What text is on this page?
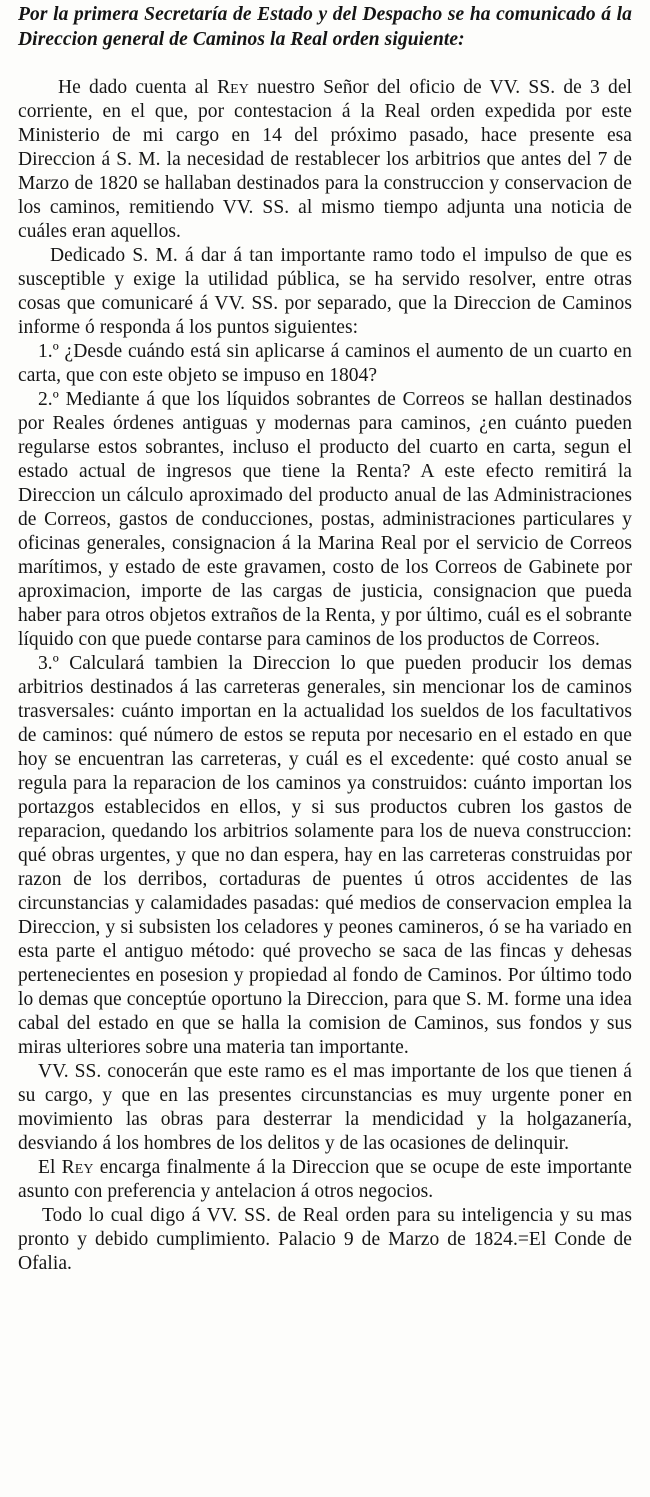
Por la primera Secretaría de Estado y del Despacho se ha comunicado á la Direccion general de Caminos la Real orden siguiente:

He dado cuenta al Rey nuestro Señor del oficio de VV. SS. de 3 del corriente, en el que, por contestacion á la Real orden expedida por este Ministerio de mi cargo en 14 del próximo pasado, hace presente esa Direccion á S. M. la necesidad de restablecer los arbitrios que antes del 7 de Marzo de 1820 se hallaban destinados para la construccion y conservacion de los caminos, remitiendo VV. SS. al mismo tiempo adjunta una noticia de cuáles eran aquellos.

Dedicado S. M. á dar á tan importante ramo todo el impulso de que es susceptible y exige la utilidad pública, se ha servido resolver, entre otras cosas que comunicaré á VV. SS. por separado, que la Direccion de Caminos informe ó responda á los puntos siguientes:

1.º ¿Desde cuándo está sin aplicarse á caminos el aumento de un cuarto en carta, que con este objeto se impuso en 1804?

2.º Mediante á que los líquidos sobrantes de Correos se hallan destinados por Reales órdenes antiguas y modernas para caminos, ¿en cuánto pueden regularse estos sobrantes, incluso el producto del cuarto en carta, segun el estado actual de ingresos que tiene la Renta? A este efecto remitirá la Direccion un cálculo aproximado del producto anual de las Administraciones de Correos, gastos de conducciones, postas, administraciones particulares y oficinas generales, consignacion á la Marina Real por el servicio de Correos marítimos, y estado de este gravamen, costo de los Correos de Gabinete por aproximacion, importe de las cargas de justicia, consignacion que pueda haber para otros objetos extraños de la Renta, y por último, cuál es el sobrante líquido con que puede contarse para caminos de los productos de Correos.

3.º Calculará tambien la Direccion lo que pueden producir los demas arbitrios destinados á las carreteras generales, sin mencionar los de caminos trasversales: cuánto importan en la actualidad los sueldos de los facultativos de caminos: qué número de estos se reputa por necesario en el estado en que hoy se encuentran las carreteras, y cuál es el excedente: qué costo anual se regula para la reparacion de los caminos ya construidos: cuánto importan los portazgos establecidos en ellos, y si sus productos cubren los gastos de reparacion, quedando los arbitrios solamente para los de nueva construccion: qué obras urgentes, y que no dan espera, hay en las carreteras construidas por razon de los derribos, cortaduras de puentes ú otros accidentes de las circunstancias y calamidades pasadas: qué medios de conservacion emplea la Direccion, y si subsisten los celadores y peones camineros, ó se ha variado en esta parte el antiguo método: qué provecho se saca de las fincas y dehesas pertenecientes en posesion y propiedad al fondo de Caminos. Por último todo lo demas que conceptúe oportuno la Direccion, para que S. M. forme una idea cabal del estado en que se halla la comision de Caminos, sus fondos y sus miras ulteriores sobre una materia tan importante.

VV. SS. conocerán que este ramo es el mas importante de los que tienen á su cargo, y que en las presentes circunstancias es muy urgente poner en movimiento las obras para desterrar la mendicidad y la holgazanería, desviando á los hombres de los delitos y de las ocasiones de delinquir.

El Rey encarga finalmente á la Direccion que se ocupe de este importante asunto con preferencia y antelacion á otros negocios.

Todo lo cual digo á VV. SS. de Real orden para su inteligencia y su mas pronto y debido cumplimiento. Palacio 9 de Marzo de 1824.=El Conde de Ofalia.
